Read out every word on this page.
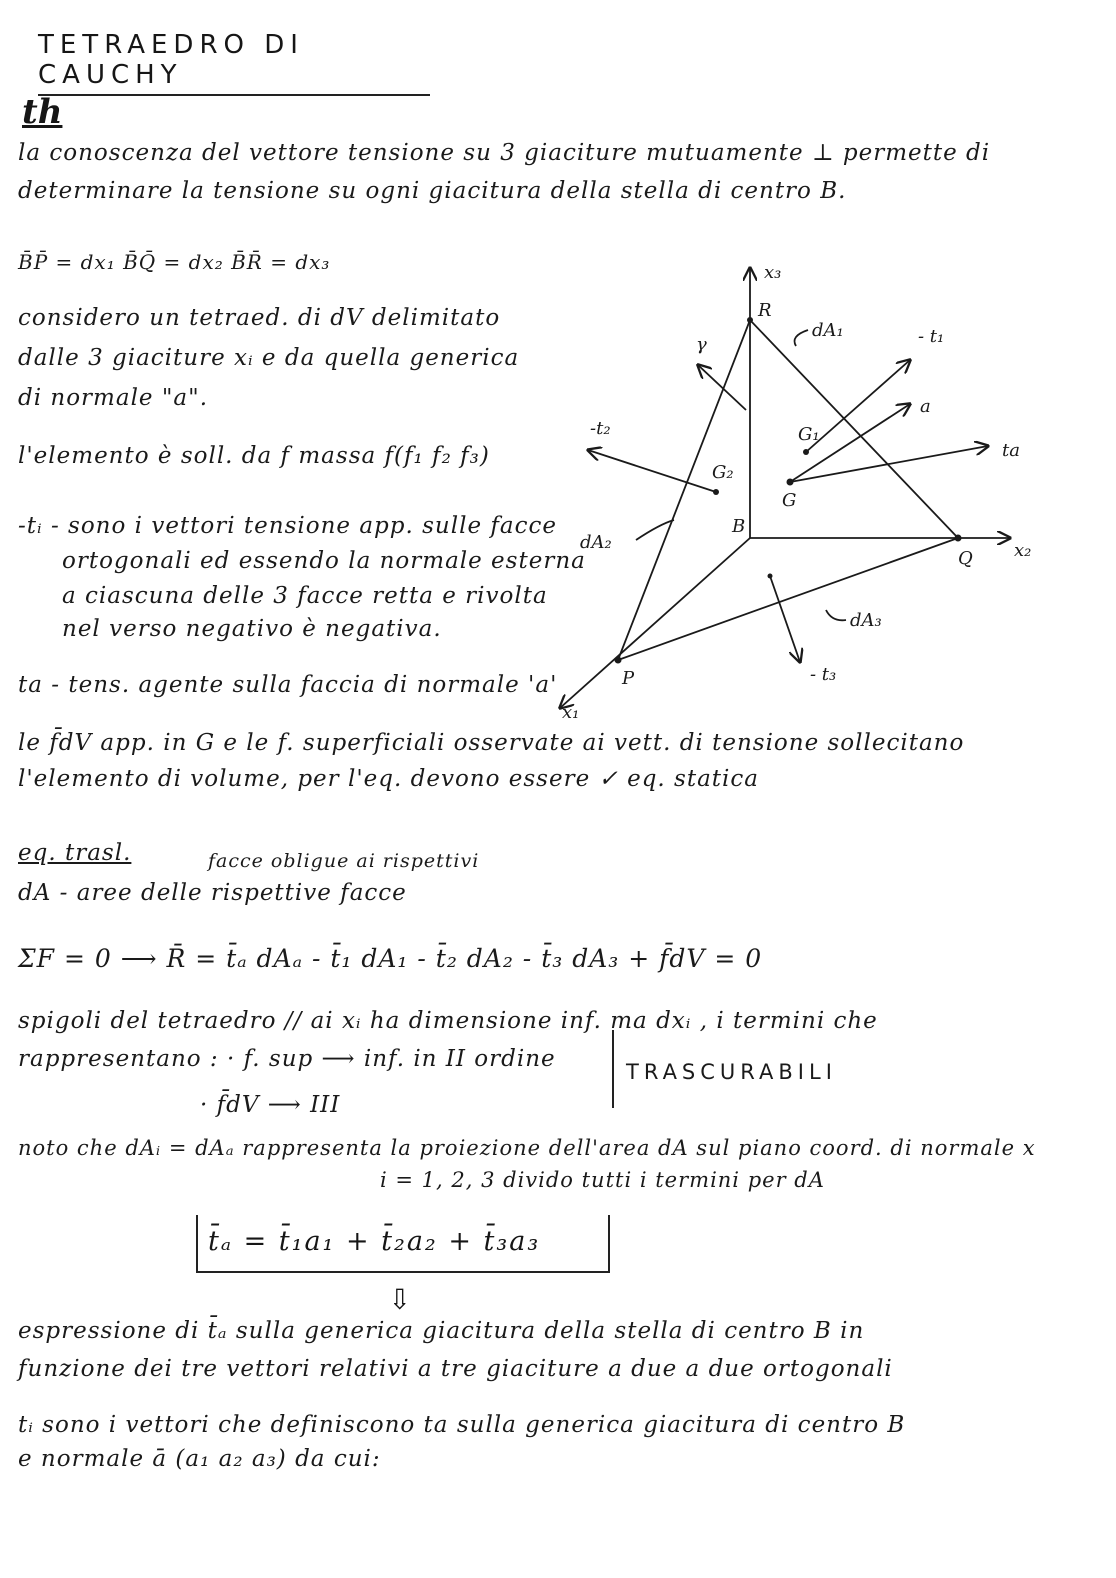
TETRAEDRO DI CAUCHY
th
la conoscenza del vettore tensione su 3 giaciture mutuamente ⊥ permette di
determinare la tensione su ogni giacitura della stella di centro B.
B̄P̄ = dx₁ B̄Q̄ = dx₂ B̄R̄ = dx₃
considero un tetraed. di dV delimitato
dalle 3 giaciture xᵢ e da quella generica
di normale "a".
l'elemento è soll. da f massa f(f₁ f₂ f₃)
-tᵢ - sono i vettori tensione app. sulle facce
ortogonali ed essendo la normale esterna
a ciascuna delle 3 facce retta e rivolta
nel verso negativo è negativa.
ta - tens. agente sulla faccia di normale 'a'
le f̄dV app. in G e le f. superficiali osservate ai vett. di tensione sollecitano
l'elemento di volume, per l'eq. devono essere ✓ eq. statica
eq. trasl.	facce obligue ai rispettivi
dA - aree delle rispettive facce
ΣF = 0 ⟶ R̄ = t̄ₐ dAₐ - t̄₁ dA₁ - t̄₂ dA₂ - t̄₃ dA₃ + f̄dV = 0
spigoli del tetraedro // ai xᵢ ha dimensione inf. ma dxᵢ , i termini che
rappresentano : · f. sup ⟶ inf. in II ordine
· f̄dV ⟶ III
TRASCURABILI
noto che dAᵢ = dAₐ rappresenta la proiezione dell'area dA sul piano coord. di normale x
i = 1, 2, 3 divido tutti i termini per dA
t̄ₐ = t̄₁a₁ + t̄₂a₂ + t̄₃a₃
⇩
espressione di t̄ₐ sulla generica giacitura della stella di centro B in
funzione dei tre vettori relativi a tre giaciture a due a due ortogonali
tᵢ sono i vettori che definiscono ta sulla generica giacitura di centro B
e normale ā (a₁ a₂ a₃) da cui:
x₃
x₂
x₁
R
Q
P
B
G
G₁
G₂
a
ta
- t₁
-t₂
- t₃
dA₁
dA₂
dA₃
γ
